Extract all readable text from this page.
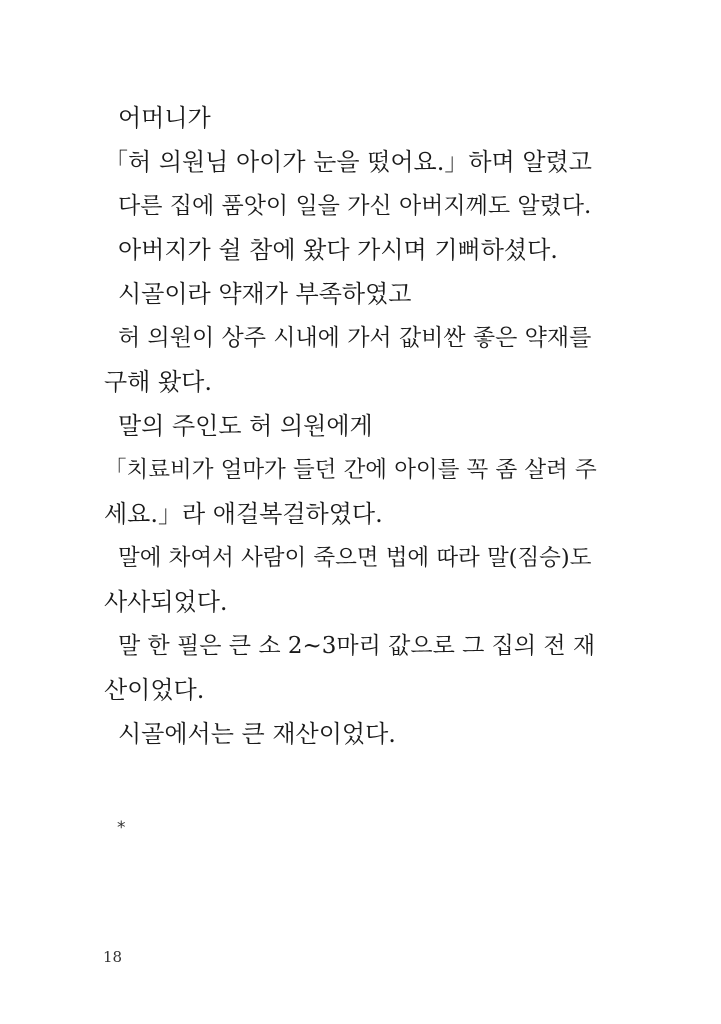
어머니가
「허 의원님 아이가 눈을 떴어요.」하며 알렸고
다른 집에 품앗이 일을 가신 아버지께도 알렸다.
아버지가 쉴 참에 왔다 가시며 기뻐하셨다.
시골이라 약재가 부족하였고
허 의원이 상주 시내에 가서 값비싼 좋은 약재를
구해 왔다.
말의 주인도 허 의원에게
「치료비가 얼마가 들던 간에 아이를 꼭 좀 살려 주
세요.」라 애걸복걸하였다.
말에 차여서 사람이 죽으면 법에 따라 말(짐승)도
사사되었다.
말 한 필은 큰 소 2~3마리 값으로 그 집의 전 재
산이었다.
시골에서는 큰 재산이었다.
*
18
